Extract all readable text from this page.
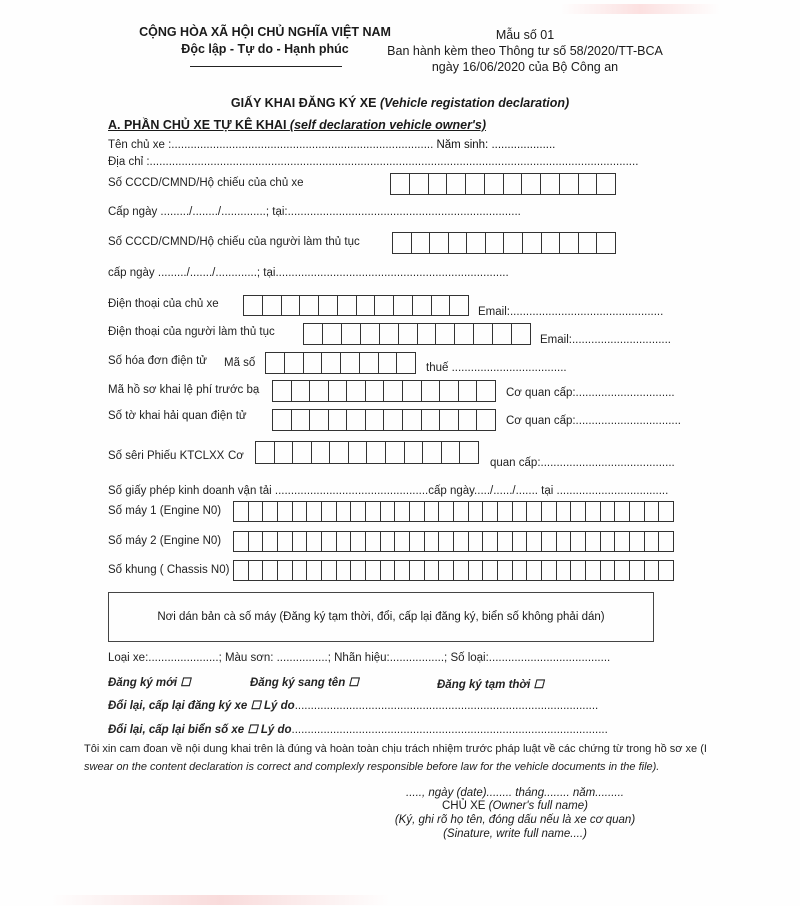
CỘNG HÒA XÃ HỘI CHỦ NGHĨA VIỆT NAM
Độc lập - Tự do - Hạnh phúc
Mẫu số 01
Ban hành kèm theo Thông tư số 58/2020/TT-BCA
ngày 16/06/2020 của Bộ Công an
GIẤY KHAI ĐĂNG KÝ XE (Vehicle registation declaration)
A. PHẦN CHỦ XE TỰ KÊ KHAI (self declaration vehicle owner's)
Tên chủ xe :.................................................................................. Năm sinh: ....................
Địa chỉ :.........................................................................................................................................................
Số CCCD/CMND/Hộ chiếu của chủ xe
Cấp ngày ........./......../..............; tại:.........................................................................
Số CCCD/CMND/Hộ chiếu của người làm thủ tục
cấp ngày ........./......./.............; tại.........................................................................
Điện thoại của chủ xe
Email:................................................
Điện thoại của người làm thủ tục
Email:...............................
Số hóa đơn điện tử Mã số	thuế ....................................
Mã hồ sơ khai lệ phí trước bạ	Cơ quan cấp:...............................
Số tờ khai hải quan điện tử	Cơ quan cấp:.................................
Số sêri Phiếu KTCLXX Cơ
quan cấp:..........................................
Số giấy phép kinh doanh vận tải ................................................cấp ngày...../....../....... tại ...................................
Số máy 1 (Engine N0)
Số máy 2 (Engine N0)
Số khung ( Chassis N0)
Nơi dán bản cà số máy (Đăng ký tạm thời, đổi, cấp lại đăng ký, biển số không phải dán)
Loại xe:......................; Màu sơn: ................; Nhãn hiệu:.................; Số loại:......................................
Đăng ký mới ☐	Đăng ký sang tên ☐	Đăng ký tạm thời ☐
Đổi lại, cấp lại đăng ký xe ☐ Lý do...............................................................................................
Đổi lại, cấp lại biển số xe ☐ Lý do...................................................................................................
Tôi xin cam đoan về nội dung khai trên là đúng và hoàn toàn chịu trách nhiệm trước pháp luật về các chứng từ trong hồ sơ xe (I
swear on the content declaration is correct and complexly responsible before law for the vehicle documents in the file).
....., ngày (date)........ tháng........ năm.........
CHỦ XE (Owner's full name)
(Ký, ghi rõ họ tên, đóng dấu nếu là xe cơ quan)
(Sinature, write full name....)
